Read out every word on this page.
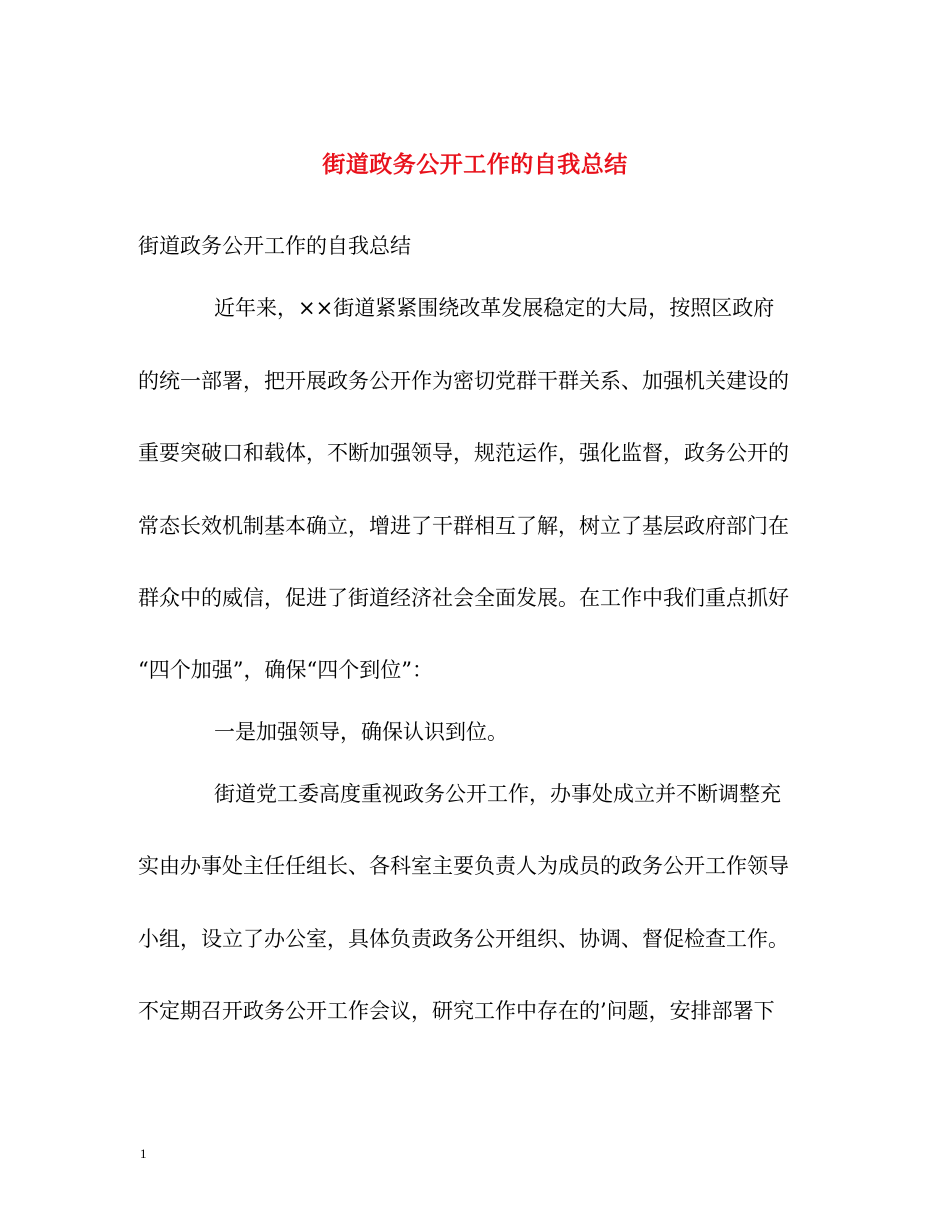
街道政务公开工作的自我总结
街道政务公开工作的自我总结
近年来，××街道紧紧围绕改革发展稳定的大局，按照区政府
的统一部署，把开展政务公开作为密切党群干群关系、加强机关建设的
重要突破口和载体，不断加强领导，规范运作，强化监督，政务公开的
常态长效机制基本确立，增进了干群相互了解，树立了基层政府部门在
群众中的威信，促进了街道经济社会全面发展。在工作中我们重点抓好
“四个加强”，确保“四个到位”：
一是加强领导，确保认识到位。
街道党工委高度重视政务公开工作，办事处成立并不断调整充
实由办事处主任任组长、各科室主要负责人为成员的政务公开工作领导
小组，设立了办公室，具体负责政务公开组织、协调、督促检查工作。
不定期召开政务公开工作会议，研究工作中存在的’问题，安排部署下
1
